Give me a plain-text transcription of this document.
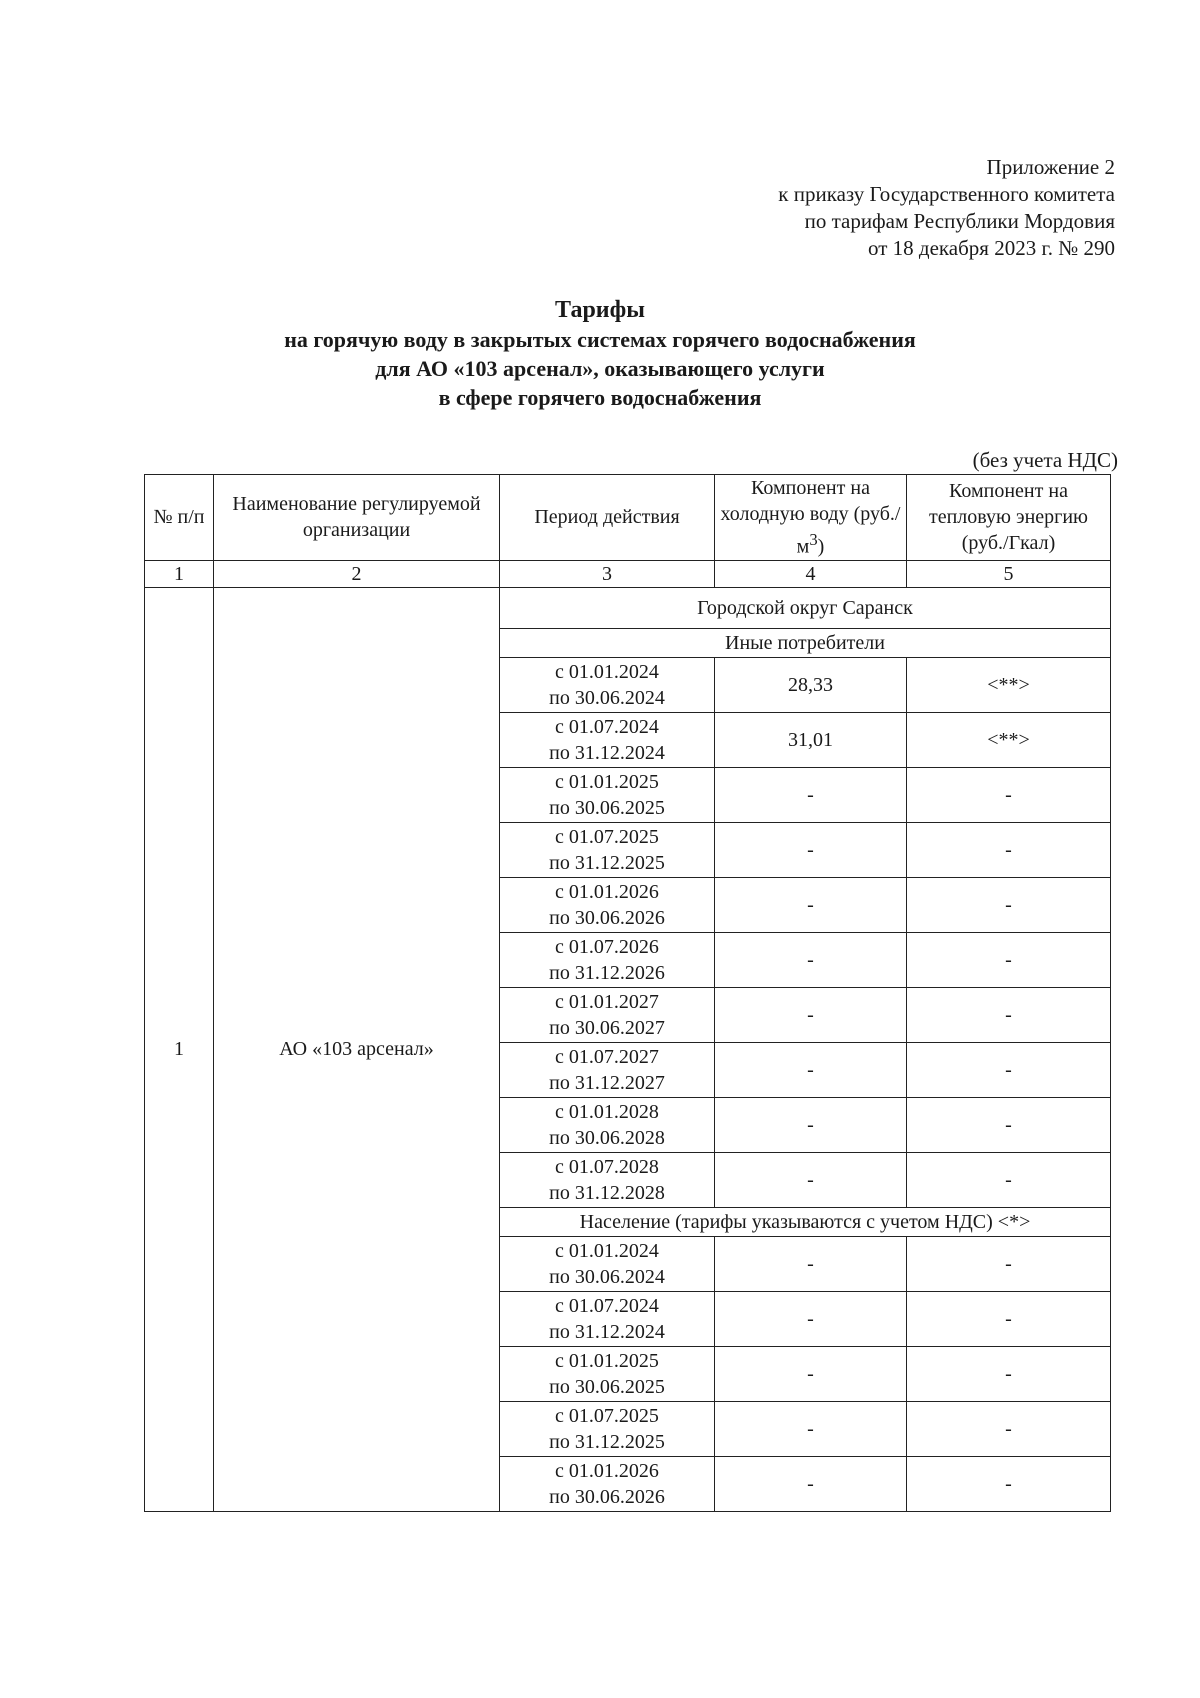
Приложение 2
к приказу Государственного комитета
по тарифам Республики Мордовия
от 18 декабря 2023 г. № 290
Тарифы
на горячую воду в закрытых системах горячего водоснабжения
для АО «103 арсенал», оказывающего услуги
в сфере горячего водоснабжения
(без учета НДС)
№ п/п	Наименование регулируемой организации	Период действия	Компонент на холодную воду $(руб./м^3)$	Компонент на тепловую энергию (руб./Гкал)
1	2	3	4	5
1	АО «103 арсенал»	Городской округ Саранск		
		Иные потребители		

		с 01.01.2024
по 30.06.2024	28,33	<**>

		с 01.07.2024
по 31.12.2024	31,01	<**>

		с 01.01.2025
по 30.06.2025	-	-

		с 01.07.2025
по 31.12.2025	-	-

		с 01.01.2026
по 30.06.2026	-	-

		с 01.07.2026
по 31.12.2026	-	-

		с 01.01.2027
по 30.06.2027	-	-

		с 01.07.2027
по 31.12.2027	-	-

		с 01.01.2028
по 30.06.2028	-	-

		с 01.07.2028
по 31.12.2028	-	-
		Население (тарифы указываются с учетом НДС) <*>		

		с 01.01.2024
по 30.06.2024	-	-

		с 01.07.2024
по 31.12.2024	-	-

		с 01.01.2025
по 30.06.2025	-	-

		с 01.07.2025
по 31.12.2025	-	-

		с 01.01.2026
по 30.06.2026	-	-
